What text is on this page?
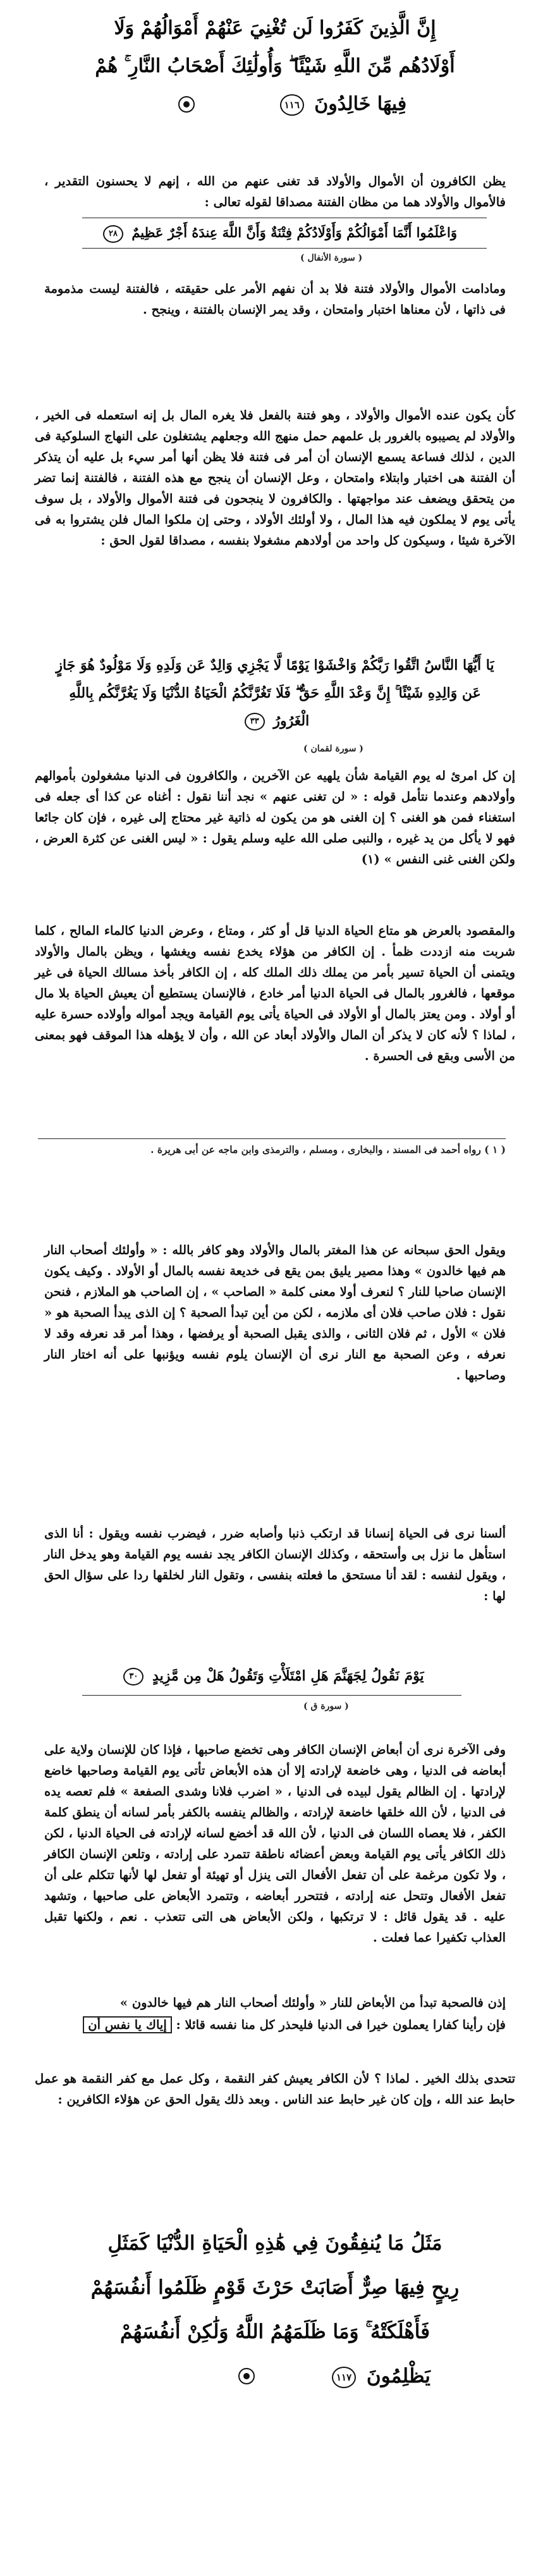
إِنَّ الَّذِينَ كَفَرُوا لَن تُغْنِيَ عَنْهُمْ أَمْوَالُهُمْ وَلَا
أَوْلَادُهُم مِّنَ اللَّهِ شَيْئًا ۖ وَأُولَٰئِكَ أَصْحَابُ النَّارِ ۚ هُمْ
فِيهَا خَالِدُونَ ١١٦
يظن الكافرون أن الأموال والأولاد قد تغنى عنهم من الله ، إنهم لا يحسنون التقدير ، فالأموال والأولاد هما من مظان الفتنة مصداقا لقوله تعالى :
وَاعْلَمُوا أَنَّمَا أَمْوَالُكُمْ وَأَوْلَادُكُمْ فِتْنَةٌ وَأَنَّ اللَّهَ عِندَهُ أَجْرٌ عَظِيمٌ ٢٨
( سورة الأنفال )
ومادامت الأموال والأولاد فتنة فلا بد أن نفهم الأمر على حقيقته ، فالفتنة ليست مذمومة فى ذاتها ، لأن معناها اختبار وامتحان ، وقد يمر الإنسان بالفتنة ، وينجح .
كأن يكون عنده الأموال والأولاد ، وهو فتنة بالفعل فلا يغره المال بل إنه استعمله فى الخير ، والأولاد لم يصيبوه بالغرور بل علمهم حمل منهج الله وجعلهم يشتغلون على النهاج السلوكية فى الدين ، لذلك فساعة يسمع الإنسان أن أمر فى فتنة فلا يظن أنها أمر سيء بل عليه أن يتذكر أن الفتنة هى اختبار وابتلاء وامتحان ، وعل الإنسان أن ينجح مع هذه الفتنة ، فالفتنة إنما تضر من يتحقق ويضعف عند مواجهتها . والكافرون لا ينجحون فى فتنة الأموال والأولاد ، بل سوف يأتى يوم لا يملكون فيه هذا المال ، ولا أولئك الأولاد ، وحتى إن ملكوا المال فلن يشتروا به فى الآخرة شيئا ، وسيكون كل واحد من أولادهم مشغولا بنفسه ، مصداقا لقول الحق :
يَا أَيُّهَا النَّاسُ اتَّقُوا رَبَّكُمْ وَاخْشَوْا يَوْمًا لَّا يَجْزِي وَالِدٌ عَن وَلَدِهِ وَلَا مَوْلُودٌ هُوَ جَازٍ عَن وَالِدِهِ شَيْئًا ۚ إِنَّ وَعْدَ اللَّهِ حَقٌّ ۖ فَلَا تَغُرَّنَّكُمُ الْحَيَاةُ الدُّنْيَا وَلَا يَغُرَّنَّكُم بِاللَّهِ الْغَرُورُ ٣٣
( سورة لقمان )
إن كل امرئ له يوم القيامة شأن يلهيه عن الآخرين ، والكافرون فى الدنيا مشغولون بأموالهم وأولادهم وعندما نتأمل قوله : « لن تغنى عنهم » نجد أننا نقول : أغناه عن كذا أى جعله فى استغناء فمن هو الغنى ؟ إن الغنى هو من يكون له ذاتية غير محتاج إلى غيره ، فإن كان جائعا فهو لا يأكل من يد غيره ، والنبى صلى الله عليه وسلم يقول : « ليس الغنى عن كثرة العرض ، ولكن الغنى غنى النفس » (١)
والمقصود بالعرض هو متاع الحياة الدنيا قل أو كثر ، ومتاع ، وعرض الدنيا كالماء المالح ، كلما شربت منه ازددت ظمأ . إن الكافر من هؤلاء يخدع نفسه ويغشها ، ويظن بالمال والأولاد ويتمنى أن الحياة تسير بأمر من يملك ذلك الملك كله ، إن الكافر بأخذ مسالك الحياة فى غير موقعها ، فالغرور بالمال فى الحياة الدنيا أمر خادع ، فالإنسان يستطيع أن يعيش الحياة بلا مال أو أولاد . ومن يعتز بالمال أو الأولاد فى الحياة يأتى يوم القيامة ويجد أمواله وأولاده حسرة عليه ، لماذا ؟ لأنه كان لا يذكر أن المال والأولاد أبعاد عن الله ، وأن لا يؤهله هذا الموقف فهو بمعنى من الأسى وبقع فى الحسرة .
( ١ ) رواه أحمد فى المسند ، والبخارى ، ومسلم ، والترمذى وابن ماجه عن أبى هريرة .
ويقول الحق سبحانه عن هذا المغتر بالمال والأولاد وهو كافر بالله : « وأولئك أصحاب النار هم فيها خالدون » وهذا مصير يليق بمن يقع فى خديعة نفسه بالمال أو الأولاد . وكيف يكون الإنسان صاحبا للنار ؟ لنعرف أولا معنى كلمة « الصاحب » ، إن الصاحب هو الملازم ، فنحن نقول : فلان صاحب فلان أى ملازمه ، لكن من أين تبدأ الصحبة ؟ إن الذى يبدأ الصحبة هو « فلان » الأول ، ثم فلان الثانى ، والذى يقبل الصحبة أو يرفضها ، وهذا أمر قد نعرفه وقد لا نعرفه ، وعن الصحبة مع النار نرى أن الإنسان يلوم نفسه ويؤنبها على أنه اختار النار وصاحبها .
ألسنا نرى فى الحياة إنسانا قد ارتكب ذنبا وأصابه ضرر ، فيضرب نفسه ويقول : أنا الذى استأهل ما نزل بى وأستحقه ، وكذلك الإنسان الكافر يجد نفسه يوم القيامة وهو يدخل النار ، ويقول لنفسه : لقد أنا مستحق ما فعلته بنفسى ، وتقول النار لخلقها ردا على سؤال الحق لها :
يَوْمَ نَقُولُ لِجَهَنَّمَ هَلِ امْتَلَأْتِ وَتَقُولُ هَلْ مِن مَّزِيدٍ ٣٠
( سورة ق )
وفى الآخرة نرى أن أبعاض الإنسان الكافر وهى تخضع صاحبها ، فإذا كان للإنسان ولاية على أبعاضه فى الدنيا ، وهى خاضعة لإرادته إلا أن هذه الأبعاض تأتى يوم القيامة وصاحبها خاضع لإرادتها . إن الظالم يقول لبيده فى الدنيا ، « اضرب فلانا وشدى الصفعة » فلم تعصه يده فى الدنيا ، لأن الله خلقها خاضعة لإرادته ، والظالم ينفسه بالكفر بأمر لسانه أن ينطق كلمة الكفر ، فلا يعصاه اللسان فى الدنيا ، لأن الله قد أخضع لسانه لإرادته فى الحياة الدنيا ، لكن ذلك الكافر يأتى يوم القيامة وبعض أعضائه ناطقة تتمرد على إرادته ، وتلعن الإنسان الكافر ، ولا تكون مرغمة على أن تفعل الأفعال التى ينزل أو تهيئة أو تفعل لها لأنها تتكلم على أن تفعل الأفعال وتتحل عنه إرادته ، فتتحرر أبعاضه ، وتتمرد الأبعاض على صاحبها ، وتشهد عليه . قد يقول قائل : لا ترتكبها ، ولكن الأبعاض هى التى تتعذب . نعم ، ولكنها تقبل العذاب تكفيرا عما فعلت .
إذن فالصحبة تبدأ من الأبعاض للنار « وأولئك أصحاب النار هم فيها خالدون »
فإن رأينا كفارا يعملون خيرا فى الدنيا فليحذر كل منا نفسه قائلا : إياك يا نفس أن
تتحدى بذلك الخير . لماذا ؟ لأن الكافر يعيش كفر النقمة ، وكل عمل مع كفر النقمة هو عمل حابط عند الله ، وإن كان غير حابط عند الناس . وبعد ذلك يقول الحق عن هؤلاء الكافرين :
مَثَلُ مَا يُنفِقُونَ فِي هَٰذِهِ الْحَيَاةِ الدُّنْيَا كَمَثَلِ
رِيحٍ فِيهَا صِرٌّ أَصَابَتْ حَرْثَ قَوْمٍ ظَلَمُوا أَنفُسَهُمْ
فَأَهْلَكَتْهُ ۚ وَمَا ظَلَمَهُمُ اللَّهُ وَلَٰكِنْ أَنفُسَهُمْ
يَظْلِمُونَ ١١٧
